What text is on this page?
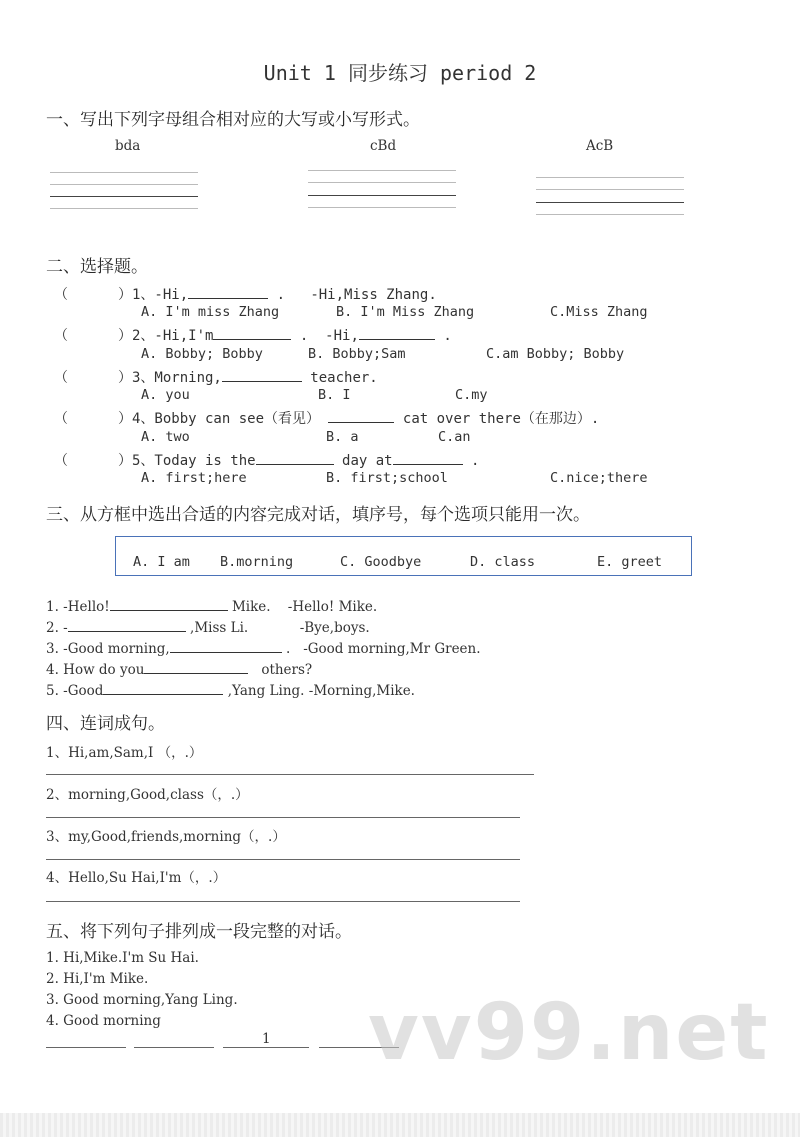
Unit 1 同步练习 period 2
一、写出下列字母组合相对应的大写或小写形式。
bda	cBd	AcB
二、选择题。
（	）1、-Hi,	. -Hi,Miss Zhang.
A. I'm miss Zhang	B. I'm Miss Zhang	C.Miss Zhang
（	）2、-Hi,I'm	. -Hi,	.
A. Bobby; Bobby	B. Bobby;Sam	C.am Bobby; Bobby
（	）3、Morning,	teacher.
A. you	B. I	C.my
（	）4、Bobby can see（看见）	cat over there（在那边）.
A. two	B. a	C.an
（	）5、Today is the	day at	.
A. first;here	B. first;school	C.nice;there
三、从方框中选出合适的内容完成对话，填序号，每个选项只能用一次。
A. I am B.morning	C. Goodbye	D. class	E. greet
1. -Hello!	Mike. -Hello! Mike.
2. -	,Miss Li.	-Bye,boys.
3. -Good morning,	. -Good morning,Mr Green.
4. How do you	others?
5. -Good	,Yang Ling. -Morning,Mike.
四、连词成句。
1、Hi,am,Sam,I （，.）
2、morning,Good,class（，.）
3、my,Good,friends,morning（，.）
4、Hello,Su Hai,I'm（，.）
五、将下列句子排列成一段完整的对话。
1. Hi,Mike.I'm Su Hai.
2. Hi,I'm Mike.
3. Good morning,Yang Ling.
4. Good morning
1 vv99.net
